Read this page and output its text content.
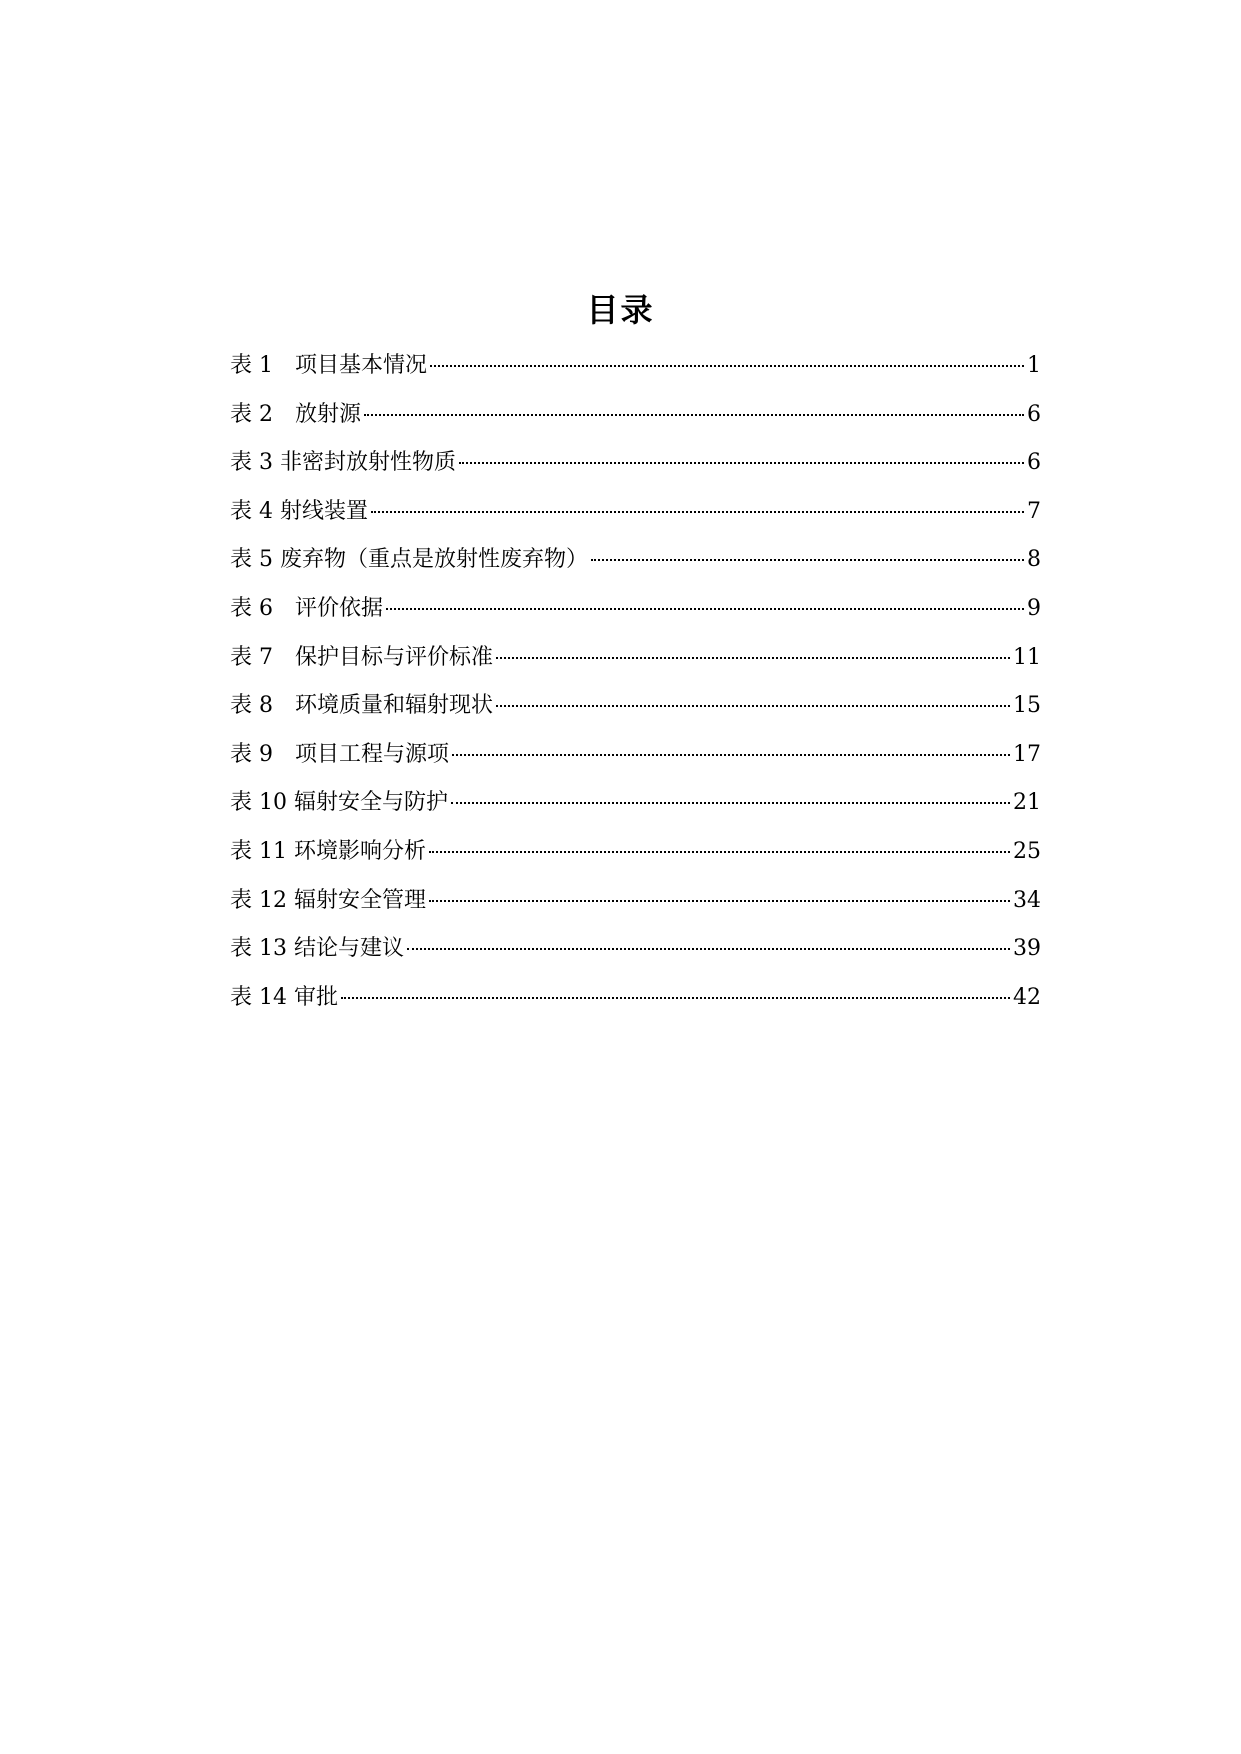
目录
表 1　项目基本情况	1
表 2　放射源	6
表 3 非密封放射性物质	6
表 4 射线装置	7
表 5 废弃物（重点是放射性废弃物）	8
表 6　评价依据	9
表 7　保护目标与评价标准	11
表 8　环境质量和辐射现状	15
表 9　项目工程与源项	17
表 10 辐射安全与防护	21
表 11 环境影响分析	25
表 12 辐射安全管理	34
表 13 结论与建议	39
表 14 审批	42
